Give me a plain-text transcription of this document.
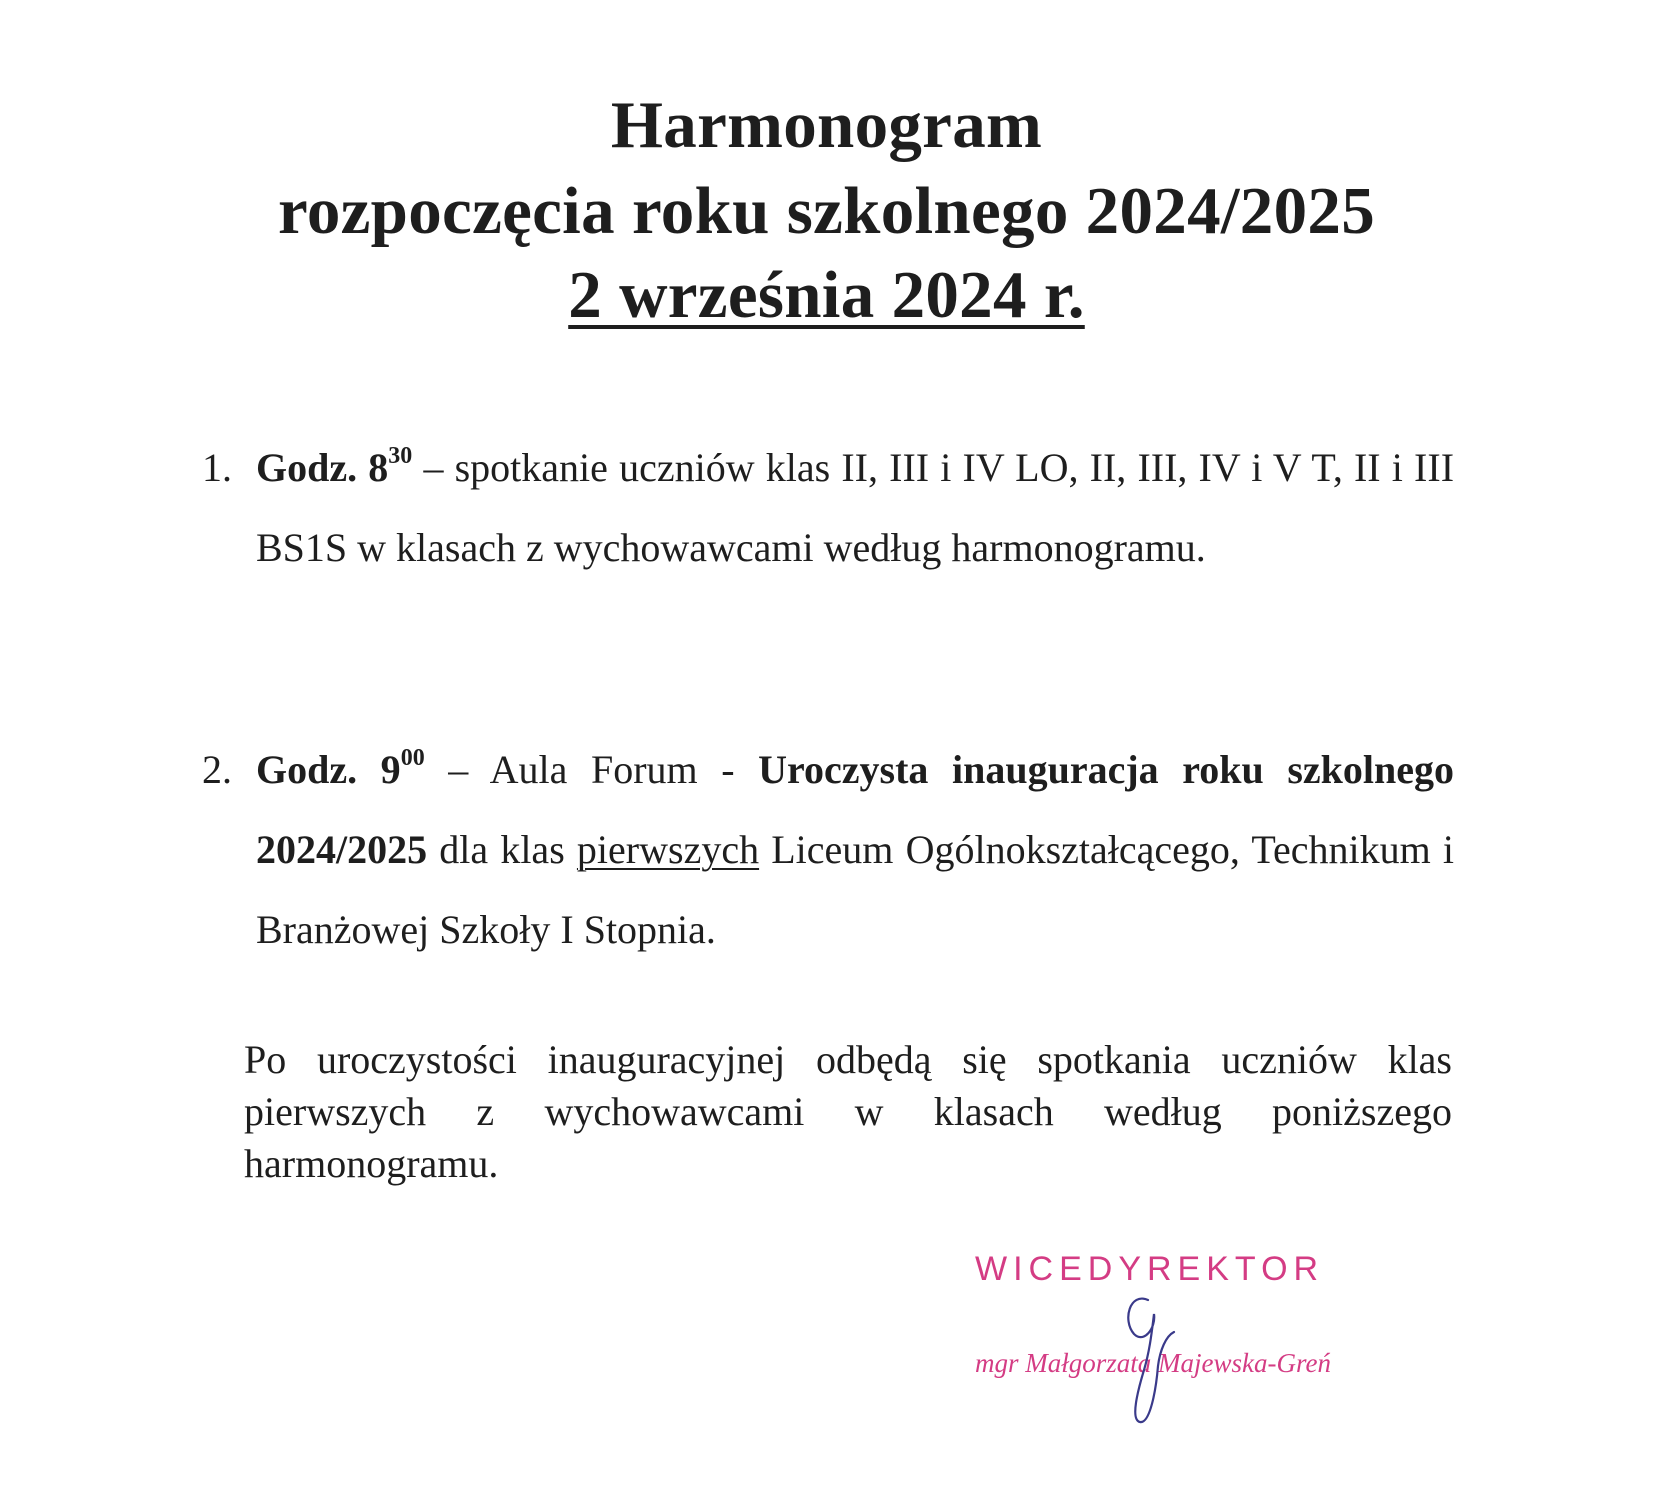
Harmonogram
rozpoczęcia roku szkolnego 2024/2025
2 września 2024 r.
1. Godz. $8^{30}$ – spotkanie uczniów klas II, III i IV LO, II, III, IV i V T, II i III BS1S w klasach z wychowawcami według harmonogramu.
2. Godz. $9^{00}$ – Aula Forum - Uroczysta inauguracja roku szkolnego 2024/2025 dla klas pierwszych Liceum Ogólnokształcącego, Technikum i Branżowej Szkoły I Stopnia.

Po uroczystości inauguracyjnej odbędą się spotkania uczniów klas pierwszych z wychowawcami w klasach według poniższego harmonogramu.

WICEDYREKTOR
mgr Małgorzata Majewska-Greń
